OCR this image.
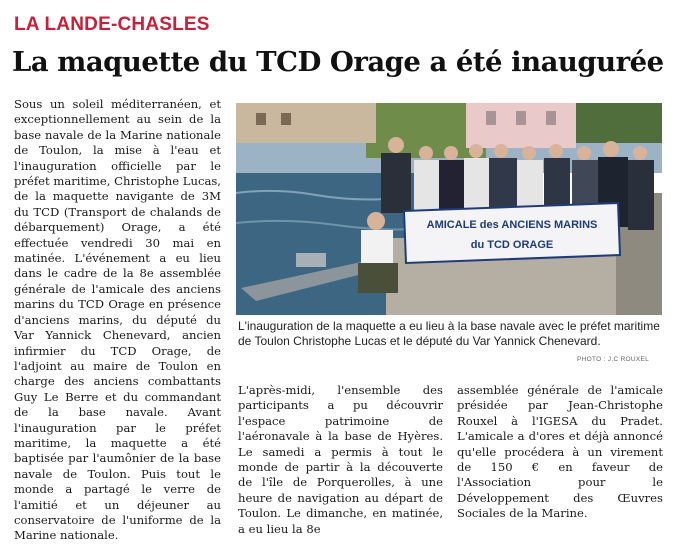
LA LANDE-CHASLES
La maquette du TCD Orage a été inaugurée
Sous un soleil méditerranéen, et exceptionnellement au sein de la base navale de la Marine nationale de Toulon, la mise à l'eau et l'inauguration officielle par le préfet maritime, Christophe Lucas, de la maquette navigante de 3M du TCD (Transport de chalands de débarquement) Orage, a été effectuée vendredi 30 mai en matinée. L'événement a eu lieu dans le cadre de la 8e assemblée générale de l'amicale des anciens marins du TCD Orage en présence d'anciens marins, du député du Var Yannick Chenevard, ancien infirmier du TCD Orage, de l'adjoint au maire de Toulon en charge des anciens combattants Guy Le Berre et du commandant de la base navale. Avant l'inauguration par le préfet maritime, la maquette a été baptisée par l'aumônier de la base navale de Toulon. Puis tout le monde a partagé le verre de l'amitié et un déjeuner au conservatoire de l'uniforme de la Marine nationale.
AMICALE des ANCIENS MARINS
du TCD ORAGE
L'inauguration de la maquette a eu lieu à la base navale avec le préfet maritime de Toulon Christophe Lucas et le député du Var Yannick Chenevard.
PHOTO : J.C ROUXEL
L'après-midi, l'ensemble des participants a pu découvrir l'espace patrimoine de l'aéronavale à la base de Hyères. Le samedi a permis à tout le monde de partir à la découverte de l'île de Porquerolles, à une heure de navigation au départ de Toulon. Le dimanche, en matinée, a eu lieu la 8e
assemblée générale de l'amicale présidée par Jean-Christophe Rouxel à l'IGESA du Pradet. L'amicale a d'ores et déjà annoncé qu'elle procédera à un virement de 150 € en faveur de l'Association pour le Développement des Œuvres Sociales de la Marine.
